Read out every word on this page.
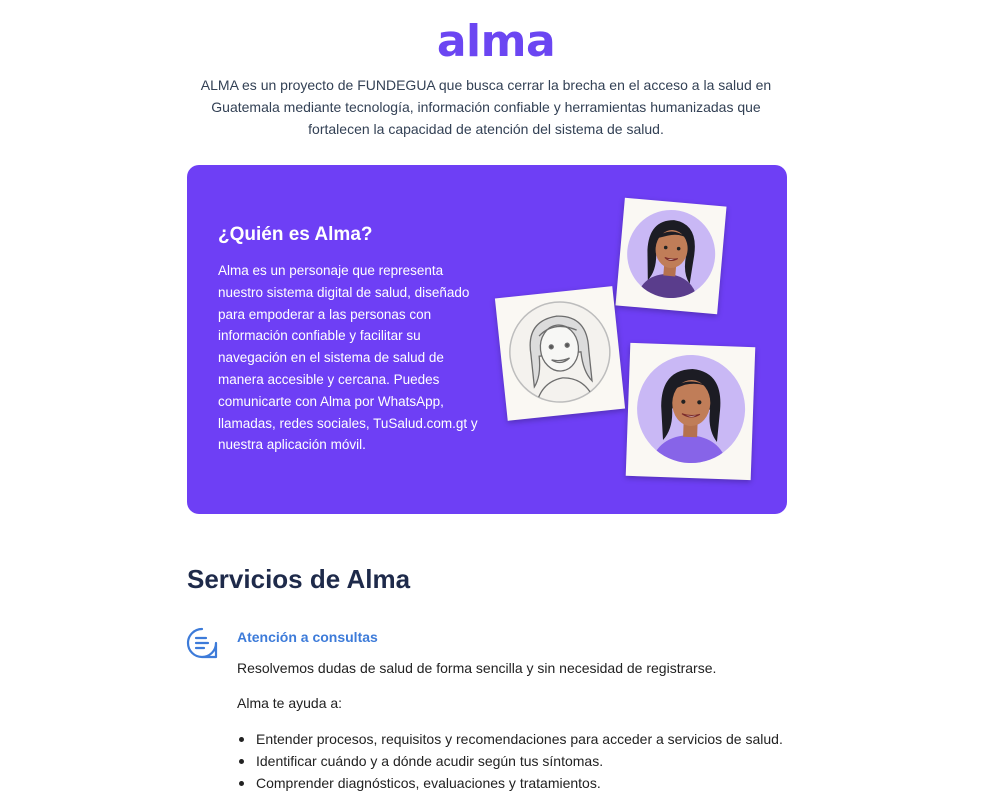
alma

ALMA es un proyecto de FUNDEGUA que busca cerrar la brecha en el acceso a la salud en Guatemala mediante tecnología, información confiable y herramientas humanizadas que fortalecen la capacidad de atención del sistema de salud.

¿Quién es Alma?

Alma es un personaje que representa nuestro sistema digital de salud, diseñado para empoderar a las personas con información confiable y facilitar su navegación en el sistema de salud de manera accesible y cercana. Puedes comunicarte con Alma por WhatsApp, llamadas, redes sociales, TuSalud.com.gt y nuestra aplicación móvil.

Servicios de Alma
Atención a consultas

Resolvemos dudas de salud de forma sencilla y sin necesidad de registrarse.

Alma te ayuda a:

Entender procesos, requisitos y recomendaciones para acceder a servicios de salud.
Identificar cuándo y a dónde acudir según tus síntomas.
Comprender diagnósticos, evaluaciones y tratamientos.
